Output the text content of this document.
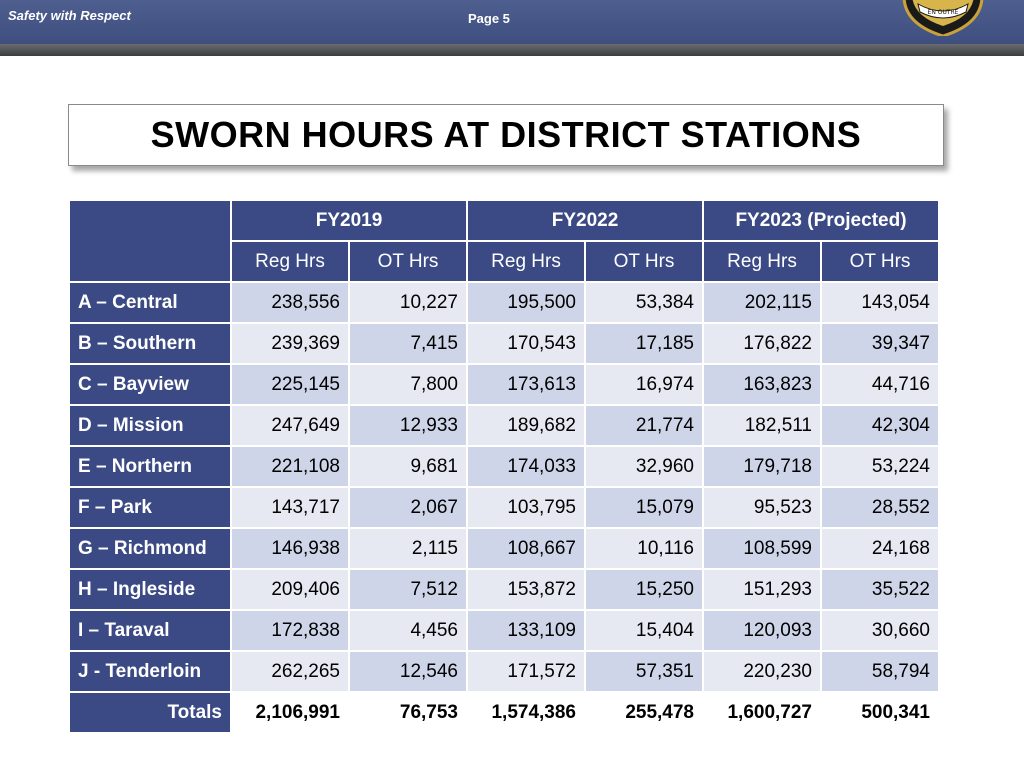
Safety with Respect	Page 5	EN OUTRE
SWORN HOURS AT DISTRICT STATIONS
	FY2019		FY2022		FY2023 (Projected)	
	Reg Hrs	OT Hrs	Reg Hrs	OT Hrs	Reg Hrs	OT Hrs
A – Central	238,556	10,227	195,500	53,384	202,115	143,054
B – Southern	239,369	7,415	170,543	17,185	176,822	39,347
C – Bayview	225,145	7,800	173,613	16,974	163,823	44,716
D – Mission	247,649	12,933	189,682	21,774	182,511	42,304
E – Northern	221,108	9,681	174,033	32,960	179,718	53,224
F – Park	143,717	2,067	103,795	15,079	95,523	28,552
G – Richmond	146,938	2,115	108,667	10,116	108,599	24,168
H – Ingleside	209,406	7,512	153,872	15,250	151,293	35,522
I – Taraval	172,838	4,456	133,109	15,404	120,093	30,660
J - Tenderloin	262,265	12,546	171,572	57,351	220,230	58,794
Totals	2,106,991	76,753	1,574,386	255,478	1,600,727	500,341
